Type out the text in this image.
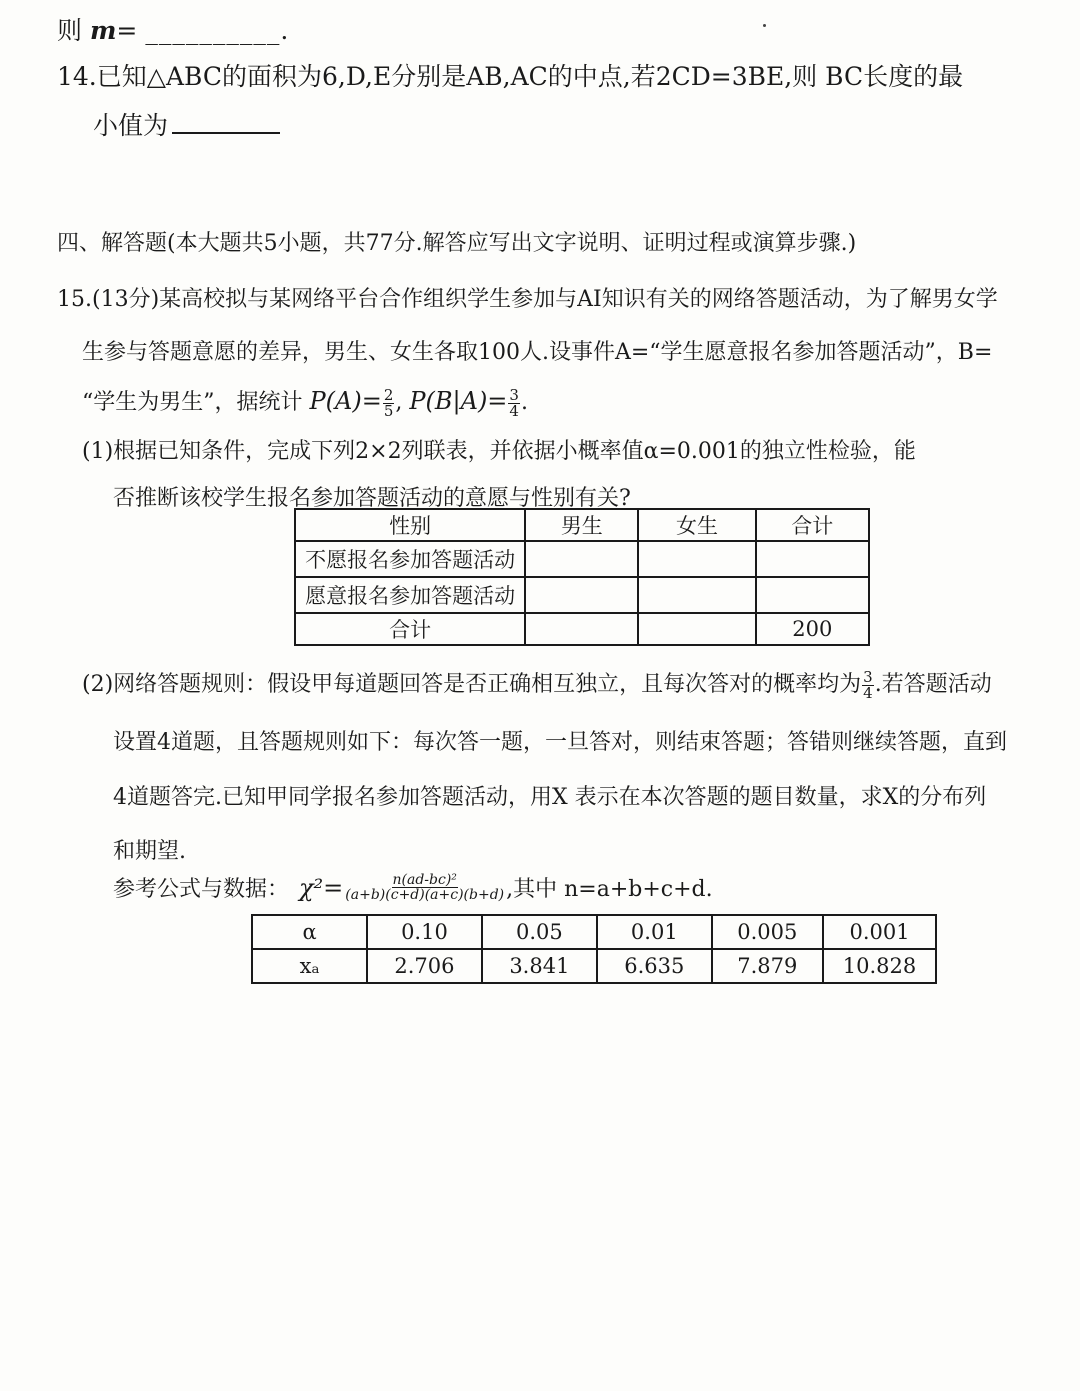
则 m= __________.
14.已知△ABC的面积为6,D,E分别是AB,AC的中点,若2CD=3BE,则 BC长度的最
小值为
四、解答题(本大题共5小题，共77分.解答应写出文字说明、证明过程或演算步骤.)
15.(13分)某高校拟与某网络平台合作组织学生参加与AI知识有关的网络答题活动，为了解男女学
生参与答题意愿的差异，男生、女生各取100人.设事件A=“学生愿意报名参加答题活动”，B=
“学生为男生”，据统计 $P(A)= \frac{2}{5}$ , $P(B|A)= \frac{3}{4}$ .
(1)根据已知条件，完成下列2×2列联表，并依据小概率值α=0.001的独立性检验，能
否推断该校学生报名参加答题活动的意愿与性别有关?
性别	男生	女生	合计
不愿报名参加答题活动			
愿意报名参加答题活动			
合计			200
(2)网络答题规则：假设甲每道题回答是否正确相互独立，且每次答对的概率均为 $\frac{3}{4}$ .若答题活动
设置4道题，且答题规则如下：每次答一题，一旦答对，则结束答题；答错则继续答题，直到
4道题答完.已知甲同学报名参加答题活动，用X 表示在本次答题的题目数量，求X的分布列
和期望.
参考公式与数据： $\chi^2= \frac{\text{n(ad-bc)²}}{(a+b)(c+d)(a+c)(b+d)}$ ,其中 n=a+b+c+d.
α	0.10	0.05	0.01	0.005	0.001
xₐ	2.706	3.841	6.635	7.879	10.828
